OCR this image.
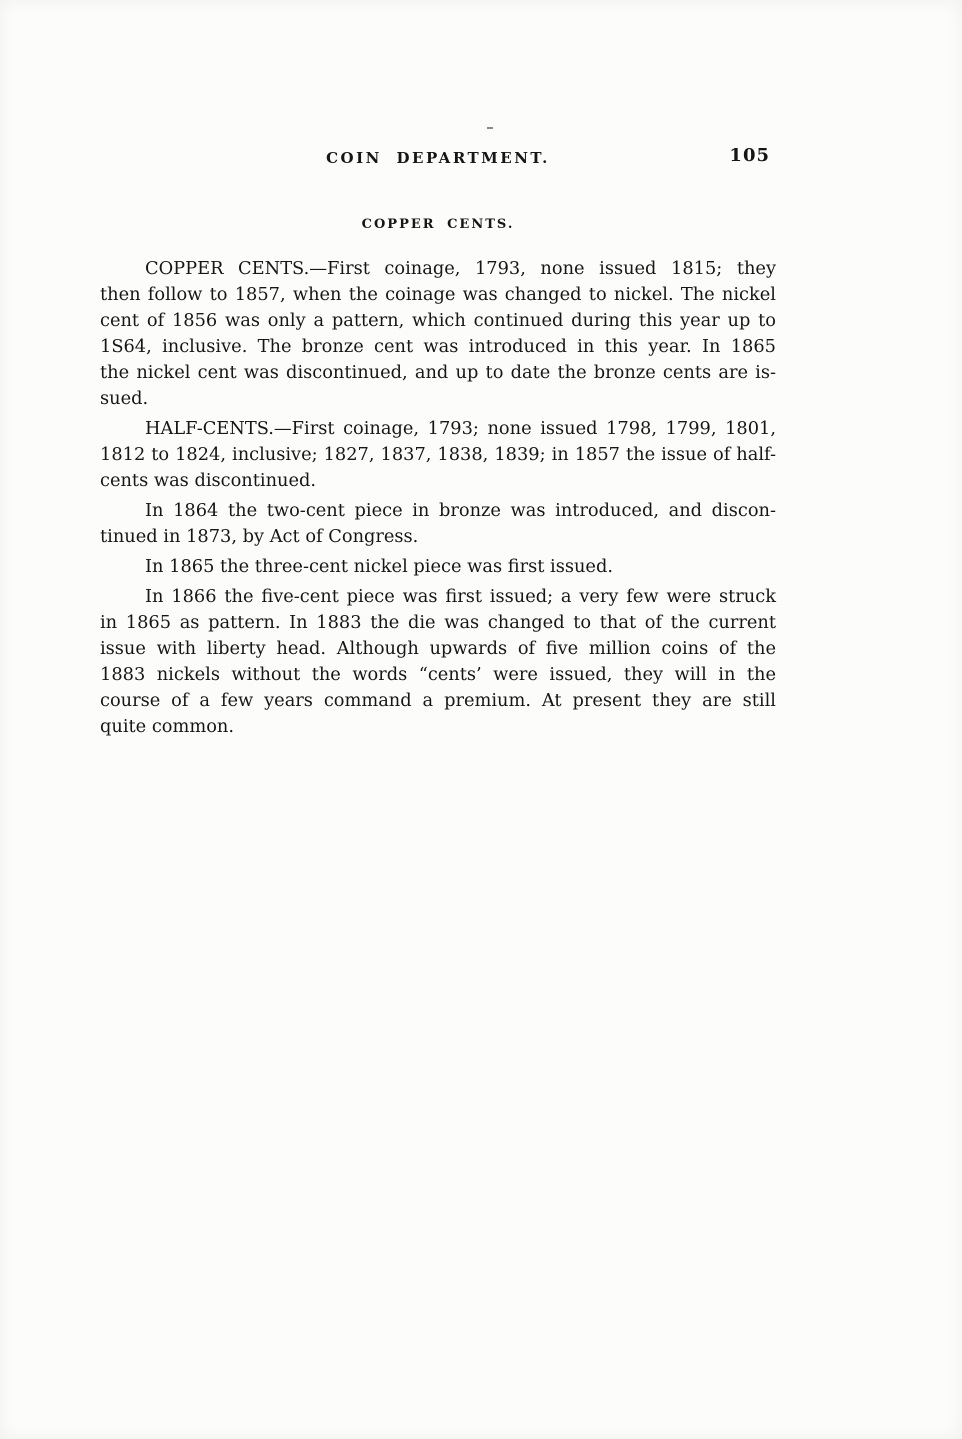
COIN DEPARTMENT.	105
COPPER CENTS.
COPPER CENTS.—First coinage, 1793, none issued 1815; they
then follow to 1857, when the coinage was changed to nickel. The nickel
cent of 1856 was only a pattern, which continued during this year up to
1S64, inclusive. The bronze cent was introduced in this year. In 1865
the nickel cent was discontinued, and up to date the bronze cents are is-
sued.
HALF-CENTS.—First coinage, 1793; none issued 1798, 1799, 1801,
1812 to 1824, inclusive; 1827, 1837, 1838, 1839; in 1857 the issue of half-
cents was discontinued.
In 1864 the two-cent piece in bronze was introduced, and discon-
tinued in 1873, by Act of Congress.
In 1865 the three-cent nickel piece was first issued.
In 1866 the five-cent piece was first issued; a very few were struck
in 1865 as pattern. In 1883 the die was changed to that of the current
issue with liberty head. Although upwards of five million coins of the
1883 nickels without the words “cents’ were issued, they will in the
course of a few years command a premium. At present they are still
quite common.
